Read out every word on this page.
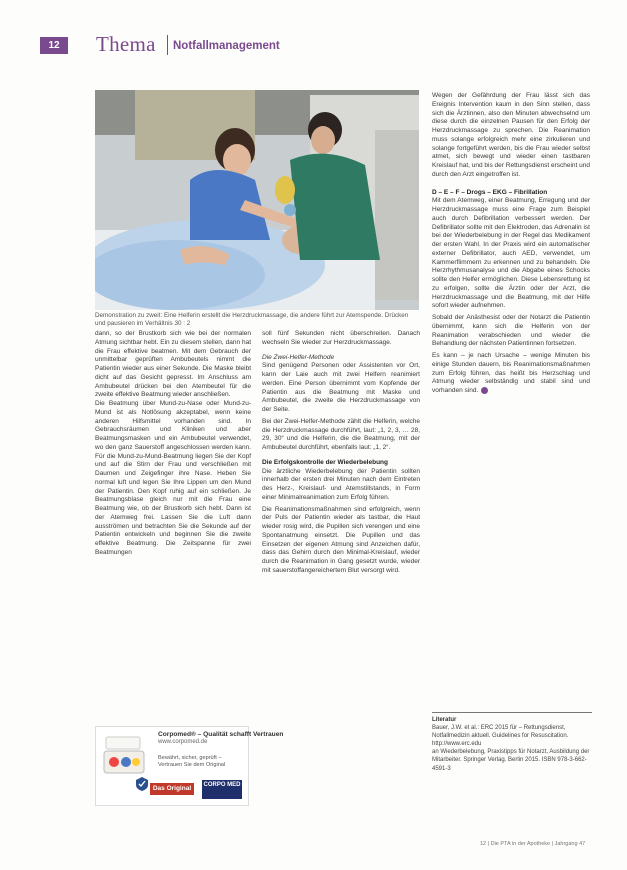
12	Thema Notfallmanagement
Demonstration zu zweit: Eine Helferin erstellt die Herzdruckmassage, die andere führt zur Atemspende. Drücken und pausieren im Verhältnis 30 : 2

dann, so der Brustkorb sich wie bei der normalen Atmung sichtbar hebt. Ein zu diesem stellen, dann hat die Frau effektive beatmen. Mit dem Gebrauch der unmittelbar geprüften Ambubeutels nimmt die Patientin wieder aus einer Sekunde. Die Maske bleibt dicht auf das Gesicht gepresst. Im Anschluss am Ambubeutel drücken bei den Atembeutel für die zweite effektive Beatmung wieder anschließen.

Die Beatmung über Mund-zu-Nase oder Mund-zu-Mund ist als Notlösung akzeptabel, wenn keine anderen Hilfsmittel vorhanden sind. In Gebrauchsräumen und Kliniken und aber Beatmungsmasken und ein Ambubeutel verwendet, wo den ganz Sauerstoff angeschlossen werden kann. Für die Mund-zu-Mund-Beatmung liegen Sie der Kopf und auf die Stirn der Frau und verschließen mit Daumen und Zeigefinger ihre Nase. Heben Sie normal luft und legen Sie Ihre Lippen um den Mund der Patientin. Den Kopf ruhig auf ein schließen. Je Beatmungsblase gleich nur mit die Frau eine Beatmung wie, ob der Brustkorb sich hebt. Dann ist der Atemweg frei. Lassen Sie die Luft dann ausströmen und betrachten Sie die Sekunde auf der Patientin entwickeln und beginnen Sie die zweite effektive Beatmung. Die Zeitspanne für zwei Beatmungen

Corpomed® – Qualität schafft Vertrauen
www.corpomed.de
Bewährt, sicher, geprüft – Vertrauen Sie dem Original
Das Original	CORPO MED

soll fünf Sekunden nicht überschreiten. Danach wechseln Sie wieder zur Herzdruckmassage.

Die Zwei-Helfer-Methode

Sind genügend Personen oder Assistenten vor Ort, kann der Laie auch mit zwei Helfern reanimiert werden. Eine Person übernimmt vom Kopfende der Patientin aus die Beatmung mit Maske und Ambubeutel, die zweite die Herzdruckmassage von der Seite.

Bei der Zwei-Helfer-Methode zählt die Helferin, welche die Herzdruckmassage durchführt, laut: „1, 2, 3, … 28, 29, 30“ und die Helferin, die die Beatmung, mit der Ambubeutel durchführt, ebenfalls laut: „1, 2“.

Die Erfolgskontrolle der Wiederbelebung

Die ärztliche Wiederbelebung der Patientin sollten innerhalb der ersten drei Minuten nach dem Eintreten des Herz-, Kreislauf- und Atemstillstands, in Form einer Minimalreanimation zum Erfolg führen.

Die Reanimationsmaßnahmen sind erfolgreich, wenn der Puls der Patientin wieder als tastbar, die Haut wieder rosig wird, die Pupillen sich verengen und eine Spontanatmung einsetzt. Die Pupillen und das Einsetzen der eigenen Atmung sind Anzeichen dafür, dass das Gehirn durch den Minimal-Kreislauf, wieder durch die Reanimation in Gang gesetzt wurde, wieder mit sauerstoffangereichertem Blut versorgt wird.

Wegen der Gefährdung der Frau lässt sich das Ereignis Intervention kaum in den Sinn stellen, dass sich die Ärztinnen, also den Minuten abwechselnd um diese durch die einzelnen Pausen für den Erfolg der Herzdruckmassage zu sprechen. Die Reanimation muss solange erfolgreich mehr eine zirkulieren und solange fortgeführt werden, bis die Frau wieder selbst atmet, sich bewegt und wieder einen tastbaren Kreislauf hat, und bis der Rettungsdienst erscheint und durch den Arzt eingetroffen ist.

D – E – F – Drogs – EKG – Fibrillation

Mit dem Atemweg, einer Beatmung, Erregung und der Herzdruckmassage muss eine Frage zum Beispiel auch durch Defibrillation verbessert werden. Der Defibrillator sollte mit den Elektroden, das Adrenalin ist bei der Wiederbelebung in der Regel das Medikament der ersten Wahl. In der Praxis wird ein automatischer externer Defibrillator, auch AED, verwendet, um Kammerflimmern zu erkennen und zu behandeln. Die Herzrhythmusanalyse und die Abgabe eines Schocks sollte den Helfer ermöglichen. Diese Lebensrettung ist zu erfolgen, sollte die Ärztin oder der Arzt, die Herzdruckmassage und die Beatmung, mit der Hilfe sofort wieder aufnehmen.

Sobald der Anästhesist oder der Notarzt die Patientin übernimmt, kann sich die Helferin von der Reanimation verabschieden und wieder die Behandlung der nächsten Patientinnen fortsetzen.

Es kann – je nach Ursache – wenige Minuten bis einige Stunden dauern, bis Reanimationsmaßnahmen zum Erfolg führen, das heißt bis Herzschlag und Atmung wieder selbständig und stabil sind und vorhanden sind.

Literatur
Bauer, J.W. et al.: ERC 2015 für – Rettungsdienst, Notfallmedizin aktuell. Guidelines for Resuscitation. http://www.erc.edu
an Wiederbelebung, Praxistipps für Notarzt, Ausbildung der Mitarbeiter. Springer Verlag. Berlin 2015. ISBN 978-3-662-4591-3
12 | Die PTA in der Apotheke | Jahrgang 47
